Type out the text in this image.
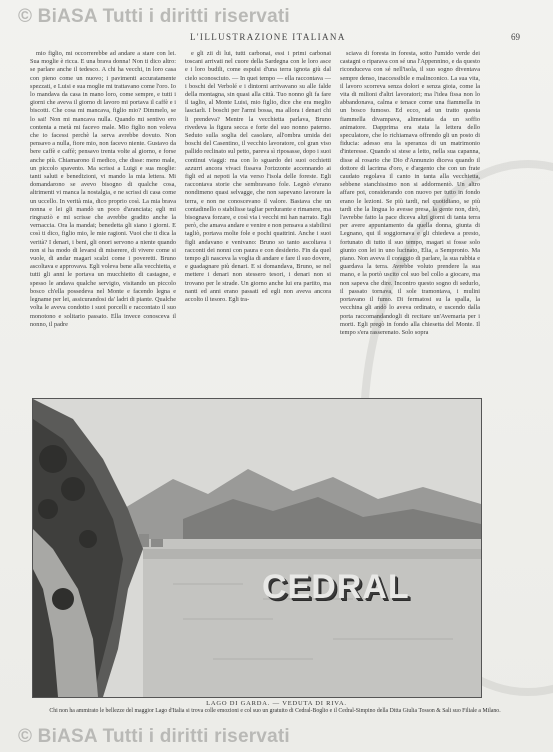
© BiASA Tutti i diritti riservati
L'ILLUSTRAZIONE ITALIANA	69

mio figlio, mi occorrerebbe ad andare a stare con lei. Sua moglie è ricca. E una brava donna! Non ti dico altro: se parlare anche il tedesco. A chi ha vecchi, in loro casa con pieno come un nuovo; i pavimenti accuratamente spezzati, e Luisi e sua moglie mi trattavano come l'oro. Io lo mandava da casa in mano loro, come sempre, e tutti i giorni che aveva il giorno di lavoro mi portava il caffè e i biscotti. Che cosa mi mancava, figlio mio? Dimmelo, se lo sai! Non mi mancava nulla. Quando mi sentivo ero contenta a metà mi facevo male. Mio figlio non voleva che io facessi perchè la serva avrebbe dovuto. Non pensavo a nulla, fiore mio, non facevo niente. Gustavo da bere caffè e caffè; pensavo trenta volte al giorno, e forse anche più. Chiamarono il medico, che disse: meno male, un piccolo spavento. Ma scrissi a Luigi e sua moglie: tanti saluti e benedizioni, vi mando la mia lettera. Mi domandarono se avevo bisogno di qualche cosa, altrimenti vi manca la nostalgia, e ne scrissi di casa come un uccello. In verità mia, dico proprio così. La mia brava nonna e lei gli mandò un poco d'aranciata; egli mi ringraziò e mi scrisse che avrebbe gradito anche la vernaccia. Ora la mandai; benedetta gli siano i giorni. E così ti dico, figlio mio, le mie ragioni. Vuoi che ti dica la verità? I denari, i beni, gli onori servono a niente quando non si ha modo di levarsi di miserere, di vivere come si vuole, di andar magari scalzi come i poveretti. Bruno ascoltava e approvava. Egli voleva bene alla vecchietta, e tutti gli anni le portava un mucchietto di castagne, e spesso le andava qualche servigio, visitando un piccolo bosco ch'ella possedeva nel Monte e facendo legna e legname per lei, assicurandosi da' ladri di piante. Qualche volta le aveva condotto i suoi porcelli e raccontato il suo monotono e solitario passato. Ella invece conosceva il nonno, il padre

e gli zii di lui, tutti carbonai, essi i primi carbonai toscani arrivati nel cuore della Sardegna con le loro asce e i loro budili, come espulsi d'una terra ignota giù dal cielo sconosciuto. — In quei tempo — ella raccontava — i boschi del Verbolé e i dintorni arrivavano su alle falde della montagna, sin quasi alla città. Tuo nonno gli fa fare il taglio, al Monte Luisi, mio figlio, dice che era meglio lasciarli. I boschi per l'armi bossa, ma allora i denari chi li prendeva? Mentre la vecchietta parlava, Bruno rivedeva la figura secca e forte del suo nonno paterno. Seduto sulla soglia del casolare, all'ombra umida dei boschi del Casentino, il vecchio lavoratore, col gran viso pallido reclinato sul petto, pareva sì riposasse, dopo i suoi continui viaggi: ma con lo sguardo dei suoi occhietti azzurri ancora vivaci fissava l'orizzonte accennando ai figli ed ai nepoti la via verso l'isola delle foreste. Egli raccontava storie che sembravano fole. Legnò e'erano nondimeno quasi selvagge, che non sapevano lavorare la terra, e non ne conoscevano il valore. Bastava che un contadinello o stabilisse tagliar perdurante e rimanere, ma bisognava forzare, e così via i vecchi mi han narrato. Egli però, che amava andare e venire e non pensava a stabilirsi tagliò, portava molte fole e pochi quattrini. Anche i suoi figli andavano e venivano: Bruno so tanto ascoltava i racconti dei nonni con paura e con desiderio. Fin da quel tempo gli nasceva la voglia di andare e fare il suo dovere, e guadagnare più denari. E si domandava, Bruno, se nel mettere i denari non stessero tesori, i denari non si trovano per le strade. Un giorno anche lui era partito, ma nanti ed anni erano passati ed egli non aveva ancora accolto il tesoro. Egli tra-

sciava di foresta in foresta, sotto l'umido verde dei castagni o riparava con sé una l'Appennino, e da questo riconduceva con sé nell'isola, il suo sogno diventava sempre denso, inaccessibile e malinconico. La sua vita, il lavoro scorreva senza dolori e senza gioia, come la vita di milioni d'altri lavoratori; ma l'idea fissa non lo abbandonava, calma e tenace come una fiammella in un bosco fumoso. Ed ecco, ad un tratto questa fiammella divampava, alimentata da un soffio animatore. Dapprima era stata la lettera dello speculatore, che lo richiamava offrendo gli un posto di fiducia: adesso era la speranza di un matrimonio d'interesse. Quando si stese a letto, nella sua capanna, disse al rosario che Dio d'Annunzio diceva quando il dottore di lacrima d'oro, e d'argento che con un frate caudato regolava il canto in tanta alla vecchietta, sebbene stanchissimo non si addormentò. Un altro affare poi, considerando con nuovo per tutto in fondo erano le lezioni. Se più tardi, nel quotidiano, se più tardi che la lingua lo avesse presa, la gente non, dirò, l'avrebbe fatto la pace diceva altri giorni di tanta terra per avere appuntamento da quella donna, giunta di Legnano, qui il soggiornava e gli chiedeva a presto, fortunato di tutto il suo tempo, magari si fosse solo giunto con lei in uno lucinato, Elia, a Sempronio. Ma piano. Non aveva il coraggio di parlare, la sua rabbia e guardava la terra. Avrebbe voluto prendere la sua mano, e la portò uscito col suo bel collo a giocare, ma non sapeva che dire. Incontro questo sogno di sedurlo, il passato tornava, il sole tramontava, i mulini portavano il fumo. Di fermatosi su la spalla, la vecchina gli andò lo aveva ordinato, e uscendo dalla porta raccomandandogli di recitare un'Avemaria per i morti. Egli pregò in fondo alla chiesetta del Monte. Il tempo s'era rasserenato. Solo sopra

CEDRAL
LAGO DI GARDA. — VEDUTA DI RIVA.
Chi non ha ammirato le bellezze del maggior Lago d'Italia si trova colle emozioni e col suo un gratuito di Cedral-Boglio e il Cedral-Simpino della Ditta Giulia Tosson & Sali suo Filiale a Milano.
© BiASA Tutti i diritti riservati
